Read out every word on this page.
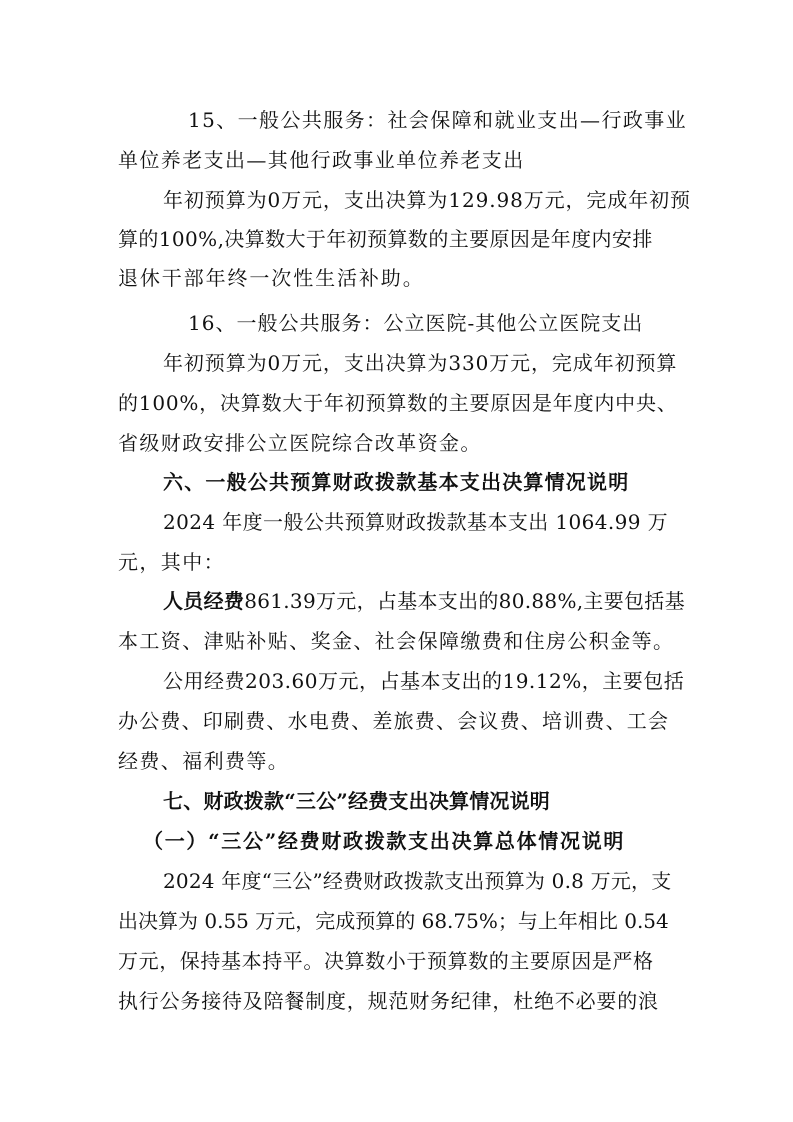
15、一般公共服务：社会保障和就业支出—行政事业
单位养老支出—其他行政事业单位养老支出
年初预算为0万元，支出决算为129.98万元，完成年初预
算的100%,决算数大于年初预算数的主要原因是年度内安排
退休干部年终一次性生活补助。
16、一般公共服务：公立医院-其他公立医院支出
年初预算为0万元，支出决算为330万元，完成年初预算
的100%，决算数大于年初预算数的主要原因是年度内中央、
省级财政安排公立医院综合改革资金。
六、一般公共预算财政拨款基本支出决算情况说明
2024 年度一般公共预算财政拨款基本支出 1064.99 万
元，其中：
人员经费861.39万元，占基本支出的80.88%,主要包括基
本工资、津贴补贴、奖金、社会保障缴费和住房公积金等。
公用经费203.60万元，占基本支出的19.12%，主要包括
办公费、印刷费、水电费、差旅费、会议费、培训费、工会
经费、福利费等。
七、财政拨款“三公”经费支出决算情况说明
（一）“三公”经费财政拨款支出决算总体情况说明
2024 年度“三公”经费财政拨款支出预算为 0.8 万元，支
出决算为 0.55 万元，完成预算的 68.75%；与上年相比 0.54
万元，保持基本持平。决算数小于预算数的主要原因是严格
执行公务接待及陪餐制度，规范财务纪律，杜绝不必要的浪
